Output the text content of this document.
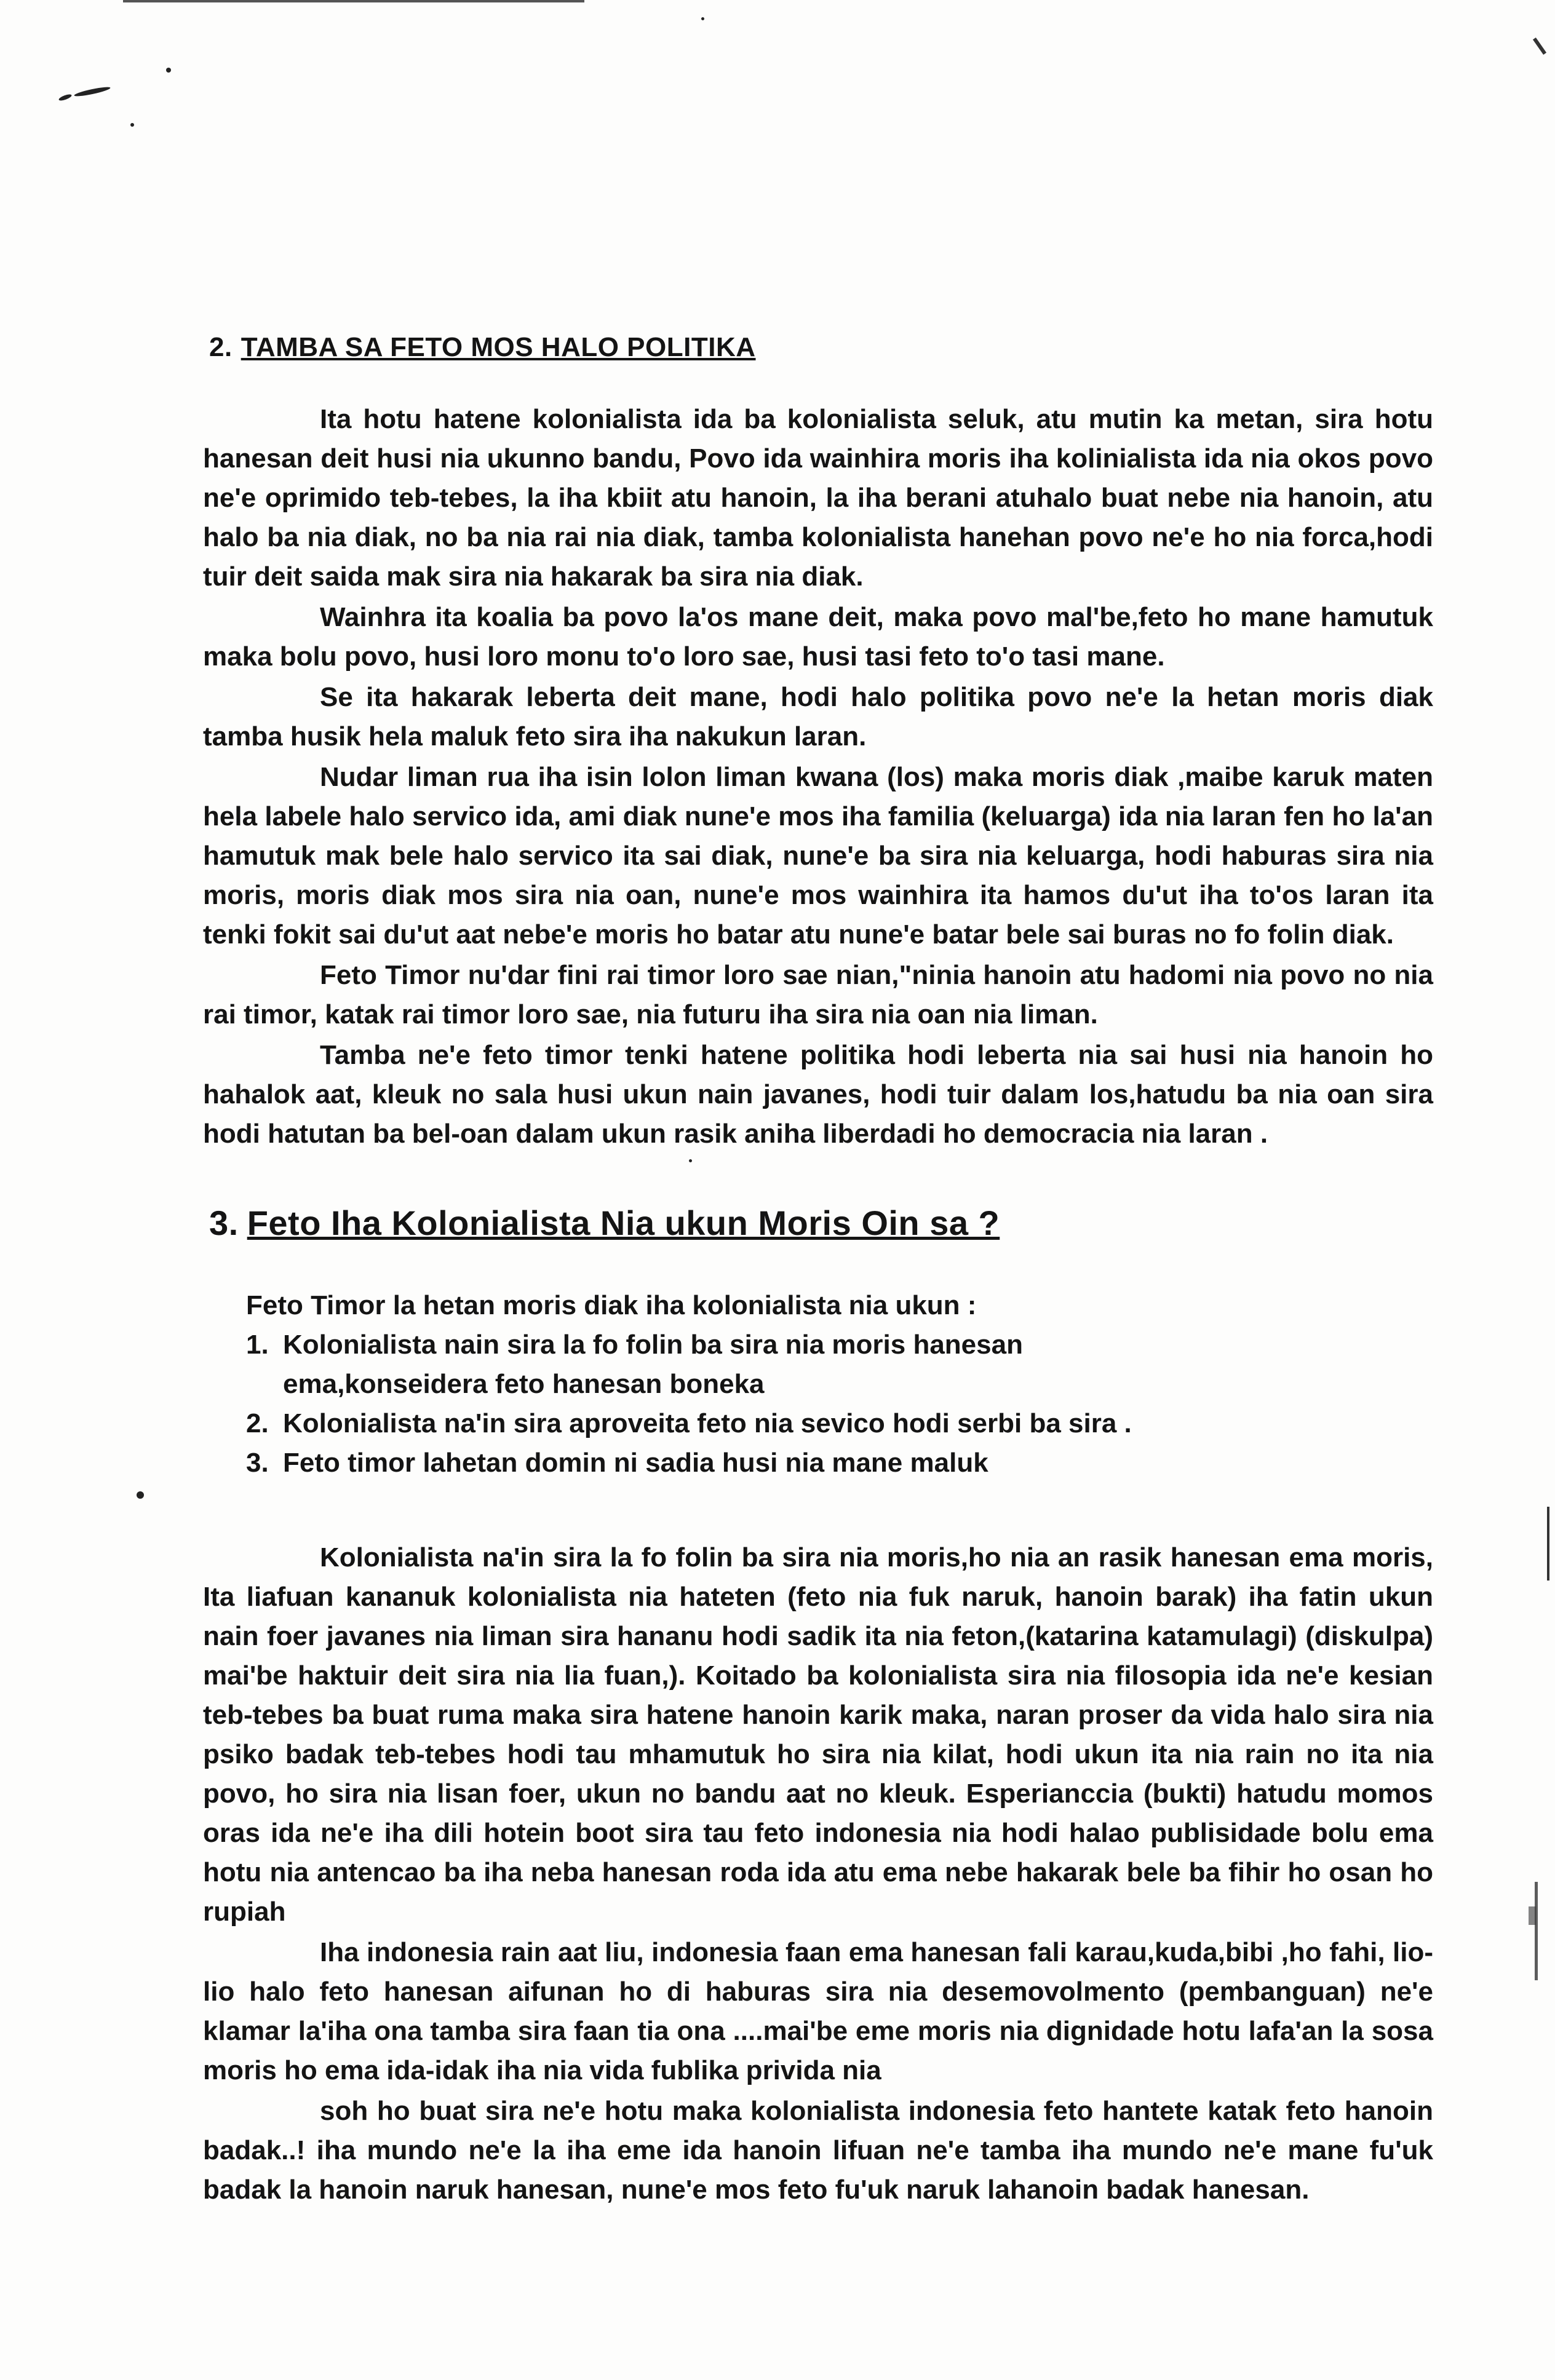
2. TAMBA SA FETO MOS HALO POLITIKA

Ita hotu hatene kolonialista ida ba kolonialista seluk, atu mutin ka metan, sira hotu hanesan deit husi nia ukunno bandu, Povo ida wainhira moris iha kolinialista ida nia okos povo ne'e oprimido teb-tebes, la iha kbiit atu hanoin, la iha berani atuhalo buat nebe nia hanoin, atu halo ba nia diak, no ba nia rai nia diak, tamba kolonialista hanehan povo ne'e ho nia forca,hodi tuir deit saida mak sira nia hakarak ba sira nia diak.

Wainhra ita koalia ba povo la'os mane deit, maka povo mal'be,feto ho mane hamutuk maka bolu povo, husi loro monu to'o loro sae, husi tasi feto to'o tasi mane.

Se ita hakarak leberta deit mane, hodi halo politika povo ne'e la hetan moris diak tamba husik hela maluk feto sira iha nakukun laran.

Nudar liman rua iha isin lolon liman kwana (los) maka moris diak ,maibe karuk maten hela labele halo servico ida, ami diak nune'e mos iha familia (keluarga) ida nia laran fen ho la'an hamutuk mak bele halo servico ita sai diak, nune'e ba sira nia keluarga, hodi haburas sira nia moris, moris diak mos sira nia oan, nune'e mos wainhira ita hamos du'ut iha to'os laran ita tenki fokit sai du'ut aat nebe'e moris ho batar atu nune'e batar bele sai buras no fo folin diak.

Feto Timor nu'dar fini rai timor loro sae nian,"ninia hanoin atu hadomi nia povo no nia rai timor, katak rai timor loro sae, nia futuru iha sira nia oan nia liman.

Tamba ne'e feto timor tenki hatene politika hodi leberta nia sai husi nia hanoin ho hahalok aat, kleuk no sala husi ukun nain javanes, hodi tuir dalam los,hatudu ba nia oan sira hodi hatutan ba bel-oan dalam ukun rasik aniha liberdadi ho democracia nia laran .

3. Feto Iha Kolonialista Nia ukun Moris Oin sa ?
Feto Timor la hetan moris diak iha kolonialista nia ukun :
1. Kolonialista nain sira la fo folin ba sira nia moris hanesan ema,konseidera feto hanesan boneka
2. Kolonialista na'in sira aproveita feto nia sevico hodi serbi ba sira .
3. Feto timor lahetan domin ni sadia husi nia mane maluk

Kolonialista na'in sira la fo folin ba sira nia moris,ho nia an rasik hanesan ema moris, Ita liafuan kananuk kolonialista nia hateten (feto nia fuk naruk, hanoin barak) iha fatin ukun nain foer javanes nia liman sira hananu hodi sadik ita nia feton,(katarina katamulagi) (diskulpa) mai'be haktuir deit sira nia lia fuan,). Koitado ba kolonialista sira nia filosopia ida ne'e kesian teb-tebes ba buat ruma maka sira hatene hanoin karik maka, naran proser da vida halo sira nia psiko badak teb-tebes hodi tau mhamutuk ho sira nia kilat, hodi ukun ita nia rain no ita nia povo, ho sira nia lisan foer, ukun no bandu aat no kleuk. Esperianccia (bukti) hatudu momos oras ida ne'e iha dili hotein boot sira tau feto indonesia nia hodi halao publisidade bolu ema hotu nia antencao ba iha neba hanesan roda ida atu ema nebe hakarak bele ba fihir ho osan ho rupiah

Iha indonesia rain aat liu, indonesia faan ema hanesan fali karau,kuda,bibi ,ho fahi, lio-lio halo feto hanesan aifunan ho di haburas sira nia desemovolmento (pembanguan) ne'e klamar la'iha ona tamba sira faan tia ona ....mai'be eme moris nia dignidade hotu lafa'an la sosa moris ho ema ida-idak iha nia vida fublika privida nia

soh ho buat sira ne'e hotu maka kolonialista indonesia feto hantete katak feto hanoin badak..! iha mundo ne'e la iha eme ida hanoin lifuan ne'e tamba iha mundo ne'e mane fu'uk badak la hanoin naruk hanesan, nune'e mos feto fu'uk naruk lahanoin badak hanesan.
